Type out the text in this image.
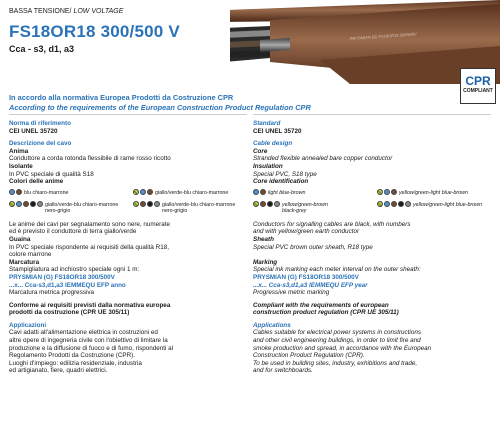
BASSA TENSIONE/ LOW VOLTAGE
FS18OR18 300/500 V
Cca - s3, d1, a3
PRYSMIAN (G) FS18OR18 300/500V
CPR
COMPLIANT
In accordo alla normativa Europea Prodotti da Costruzione CPR
According to the requirements of the European Construction Product Regulation CPR
Norma di riferimento
CEI UNEL 35720
Descrizione del cavo
Anima
Conduttore a corda rotonda flessibile di rame rosso ricotto
Isolante
In PVC speciale di qualità S18
Colori delle anime
blu chiaro-marrone	giallo/verde-blu chiaro-marrone
giallo/verde-blu chiaro-marrone
nero-grigio
giallo/verde-blu chiaro-marrone
nero-grigio
Le anime dei cavi per segnalamento sono nere, numerate
ed è previsto il conduttore di terra giallo/verde
Guaina
In PVC speciale rispondente ai requisiti della qualità R18,
colore marrone
Marcatura
Stampigliatura ad inchiostro speciale ogni 1 m:
PRYSMIAN (G) FS18OR18 300/500V
...x... Cca-s3,d1,a3 IEMMEQU EFP anno
Marcatura metrica progressiva
Conforme ai requisiti previsti dalla normativa europea
prodotti da costruzione (CPR UE 305/11)
Applicazioni
Cavi adatti all'alimentazione elettrica in costruzioni ed
altre opere di ingegneria civile con l'obiettivo di limitare la
produzione e la diffusione di fuoco e di fumo, rispondenti al
Regolamento Prodotti da Costruzione (CPR).
Luoghi d'impiego: edilizia residenziale, industria
ed artigianato, fiere, quadri elettrici.
Standard
CEI UNEL 35720
Cable design
Core
Stranded flexible annealed bare copper conductor
Insulation
Special PVC, S18 type
Core identification
light blue-brown	yellow/green-light blue-brown
yellow/green-brown
black-grey
yellow/green-light blue-brown
Conductors for signalling cables are black, with numbers
and with yellow/green earth conductor
Sheath
Special PVC brown outer sheath, R18 type
Marking
Special ink marking each meter interval on the outer sheath:
PRYSMIAN (G) FS18OR18 300/500V
...x... Cca-s3,d1,a3 IEMMEQU EFP year
Progressive metric marking
Compliant with the requirements of european
construction product regulation (CPR UE 305/11)
Applications
Cables suitable for electrical power systems in constructions
and other civil engineering buildings, in order to limit fire and
smoke production and spread, in accordance with the European
Construction Product Regulation (CPR).
To be used in building sites, industry, exhibitions and trade,
and for switchboards.
